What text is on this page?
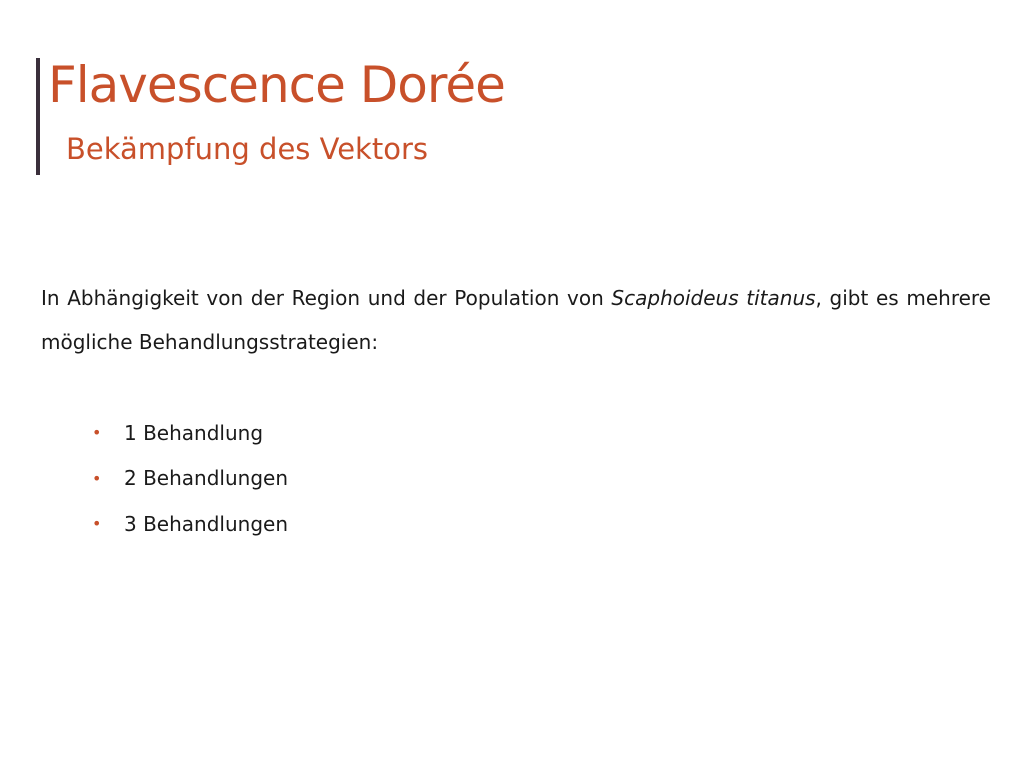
Flavescence Dorée
Bekämpfung des Vektors

In Abhängigkeit von der Region und der Population von Scaphoideus titanus, gibt es mehrere mögliche Behandlungsstrategien:

•	1 Behandlung
•	2 Behandlungen
•	3 Behandlungen
